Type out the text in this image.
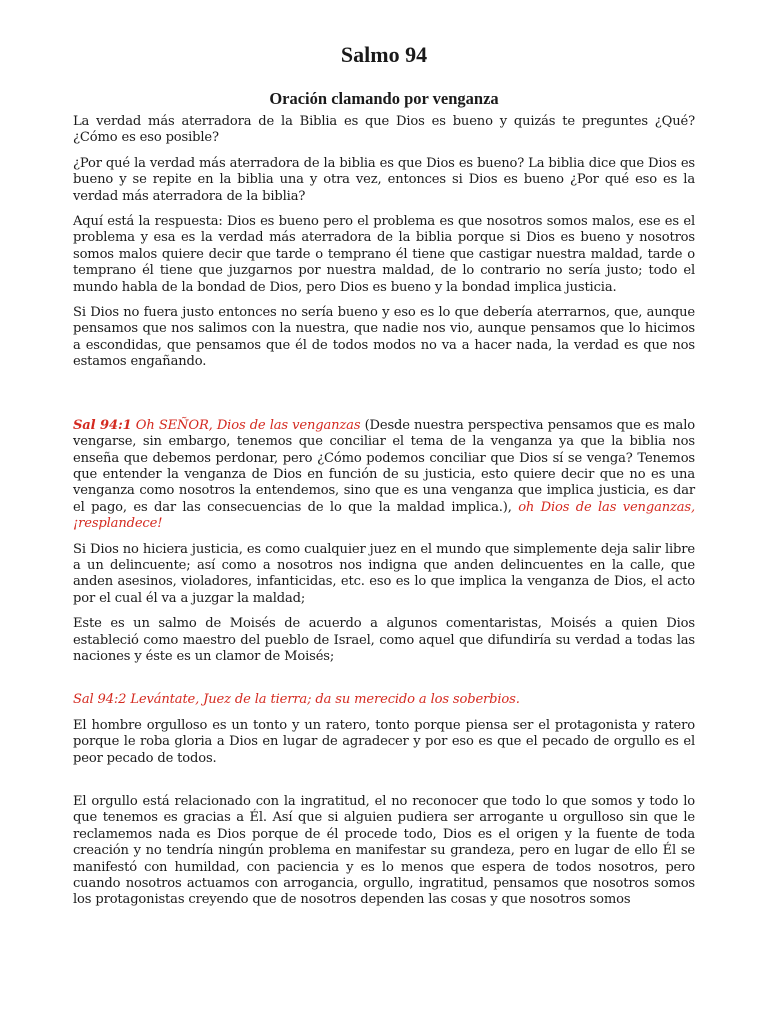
Salmo 94
Oración clamando por venganza

La verdad más aterradora de la Biblia es que Dios es bueno y quizás te preguntes ¿Qué? ¿Cómo es eso posible?

¿Por qué la verdad más aterradora de la biblia es que Dios es bueno? La biblia dice que Dios es bueno y se repite en la biblia una y otra vez, entonces si Dios es bueno ¿Por qué eso es la verdad más aterradora de la biblia?

Aquí está la respuesta: Dios es bueno pero el problema es que nosotros somos malos, ese es el problema y esa es la verdad más aterradora de la biblia porque si Dios es bueno y nosotros somos malos quiere decir que tarde o temprano él tiene que castigar nuestra maldad, tarde o temprano él tiene que juzgarnos por nuestra maldad, de lo contrario no sería justo; todo el mundo habla de la bondad de Dios, pero Dios es bueno y la bondad implica justicia.

Si Dios no fuera justo entonces no sería bueno y eso es lo que debería aterrarnos, que, aunque pensamos que nos salimos con la nuestra, que nadie nos vio, aunque pensamos que lo hicimos a escondidas, que pensamos que él de todos modos no va a hacer nada, la verdad es que nos estamos engañando.

Sal 94:1 Oh SEÑOR, Dios de las venganzas (Desde nuestra perspectiva pensamos que es malo vengarse, sin embargo, tenemos que conciliar el tema de la venganza ya que la biblia nos enseña que debemos perdonar, pero ¿Cómo podemos conciliar que Dios sí se venga? Tenemos que entender la venganza de Dios en función de su justicia, esto quiere decir que no es una venganza como nosotros la entendemos, sino que es una venganza que implica justicia, es dar el pago, es dar las consecuencias de lo que la maldad implica.), oh Dios de las venganzas, ¡resplandece!

Si Dios no hiciera justicia, es como cualquier juez en el mundo que simplemente deja salir libre a un delincuente; así como a nosotros nos indigna que anden delincuentes en la calle, que anden asesinos, violadores, infanticidas, etc. eso es lo que implica la venganza de Dios, el acto por el cual él va a juzgar la maldad;

Este es un salmo de Moisés de acuerdo a algunos comentaristas, Moisés a quien Dios estableció como maestro del pueblo de Israel, como aquel que difundiría su verdad a todas las naciones y éste es un clamor de Moisés;

Sal 94:2 Levántate, Juez de la tierra; da su merecido a los soberbios.

El hombre orgulloso es un tonto y un ratero, tonto porque piensa ser el protagonista y ratero porque le roba gloria a Dios en lugar de agradecer y por eso es que el pecado de orgullo es el peor pecado de todos.

El orgullo está relacionado con la ingratitud, el no reconocer que todo lo que somos y todo lo que tenemos es gracias a Él. Así que si alguien pudiera ser arrogante u orgulloso sin que le reclamemos nada es Dios porque de él procede todo, Dios es el origen y la fuente de toda creación y no tendría ningún problema en manifestar su grandeza, pero en lugar de ello Él se manifestó con humildad, con paciencia y es lo menos que espera de todos nosotros, pero cuando nosotros actuamos con arrogancia, orgullo, ingratitud, pensamos que nosotros somos los protagonistas creyendo que de nosotros dependen las cosas y que nosotros somos
